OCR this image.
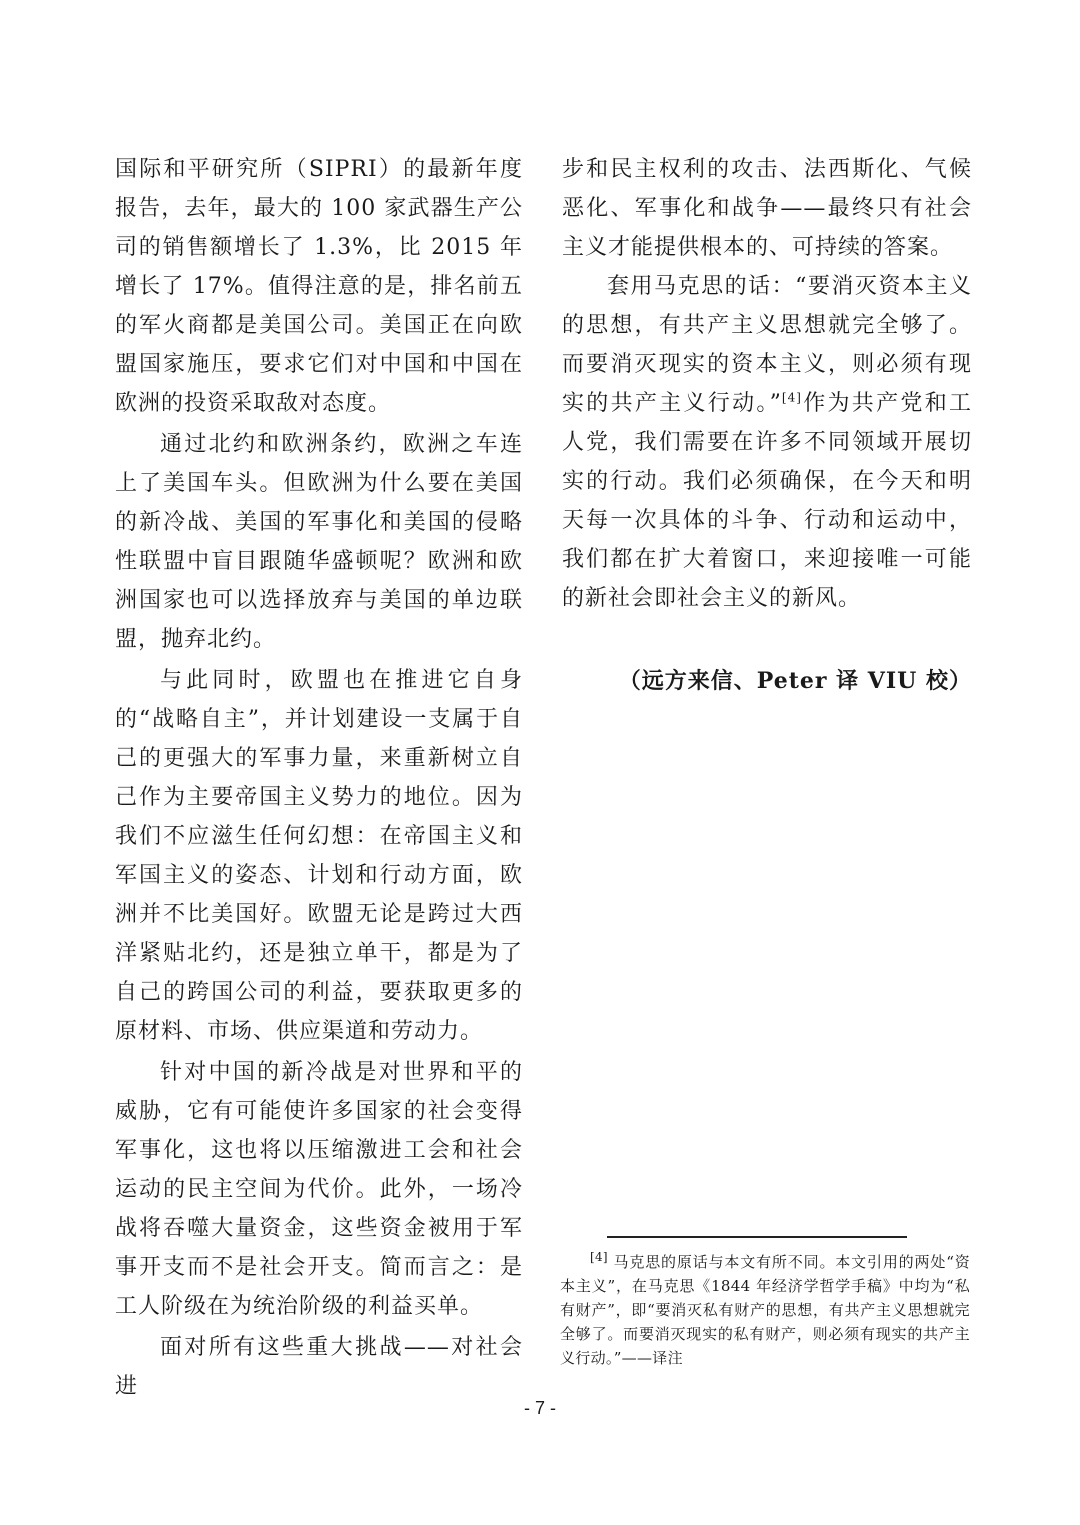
国际和平研究所（SIPRI）的最新年度报告，去年，最大的 100 家武器生产公司的销售额增长了 1.3%，比 2015 年增长了 17%。值得注意的是，排名前五的军火商都是美国公司。美国正在向欧盟国家施压，要求它们对中国和中国在欧洲的投资采取敌对态度。

通过北约和欧洲条约，欧洲之车连上了美国车头。但欧洲为什么要在美国的新冷战、美国的军事化和美国的侵略性联盟中盲目跟随华盛顿呢？欧洲和欧洲国家也可以选择放弃与美国的单边联盟，抛弃北约。

与此同时，欧盟也在推进它自身的“战略自主”，并计划建设一支属于自己的更强大的军事力量，来重新树立自己作为主要帝国主义势力的地位。因为我们不应滋生任何幻想：在帝国主义和军国主义的姿态、计划和行动方面，欧洲并不比美国好。欧盟无论是跨过大西洋紧贴北约，还是独立单干，都是为了自己的跨国公司的利益，要获取更多的原材料、市场、供应渠道和劳动力。

针对中国的新冷战是对世界和平的威胁，它有可能使许多国家的社会变得军事化，这也将以压缩激进工会和社会运动的民主空间为代价。此外，一场冷战将吞噬大量资金，这些资金被用于军事开支而不是社会开支。简而言之：是工人阶级在为统治阶级的利益买单。

面对所有这些重大挑战——对社会进

步和民主权利的攻击、法西斯化、气候恶化、军事化和战争——最终只有社会主义才能提供根本的、可持续的答案。

套用马克思的话：“要消灭资本主义的思想，有共产主义思想就完全够了。而要消灭现实的资本主义，则必须有现实的共产主义行动。”[4]作为共产党和工人党，我们需要在许多不同领域开展切实的行动。我们必须确保，在今天和明天每一次具体的斗争、行动和运动中，我们都在扩大着窗口，来迎接唯一可能的新社会即社会主义的新风。

（远方来信、Peter 译 VIU 校）

[4] 马克思的原话与本文有所不同。本文引用的两处“资本主义”，在马克思《1844 年经济学哲学手稿》中均为“私有财产”，即“要消灭私有财产的思想，有共产主义思想就完全够了。而要消灭现实的私有财产，则必须有现实的共产主义行动。”——译注

- 7 -
